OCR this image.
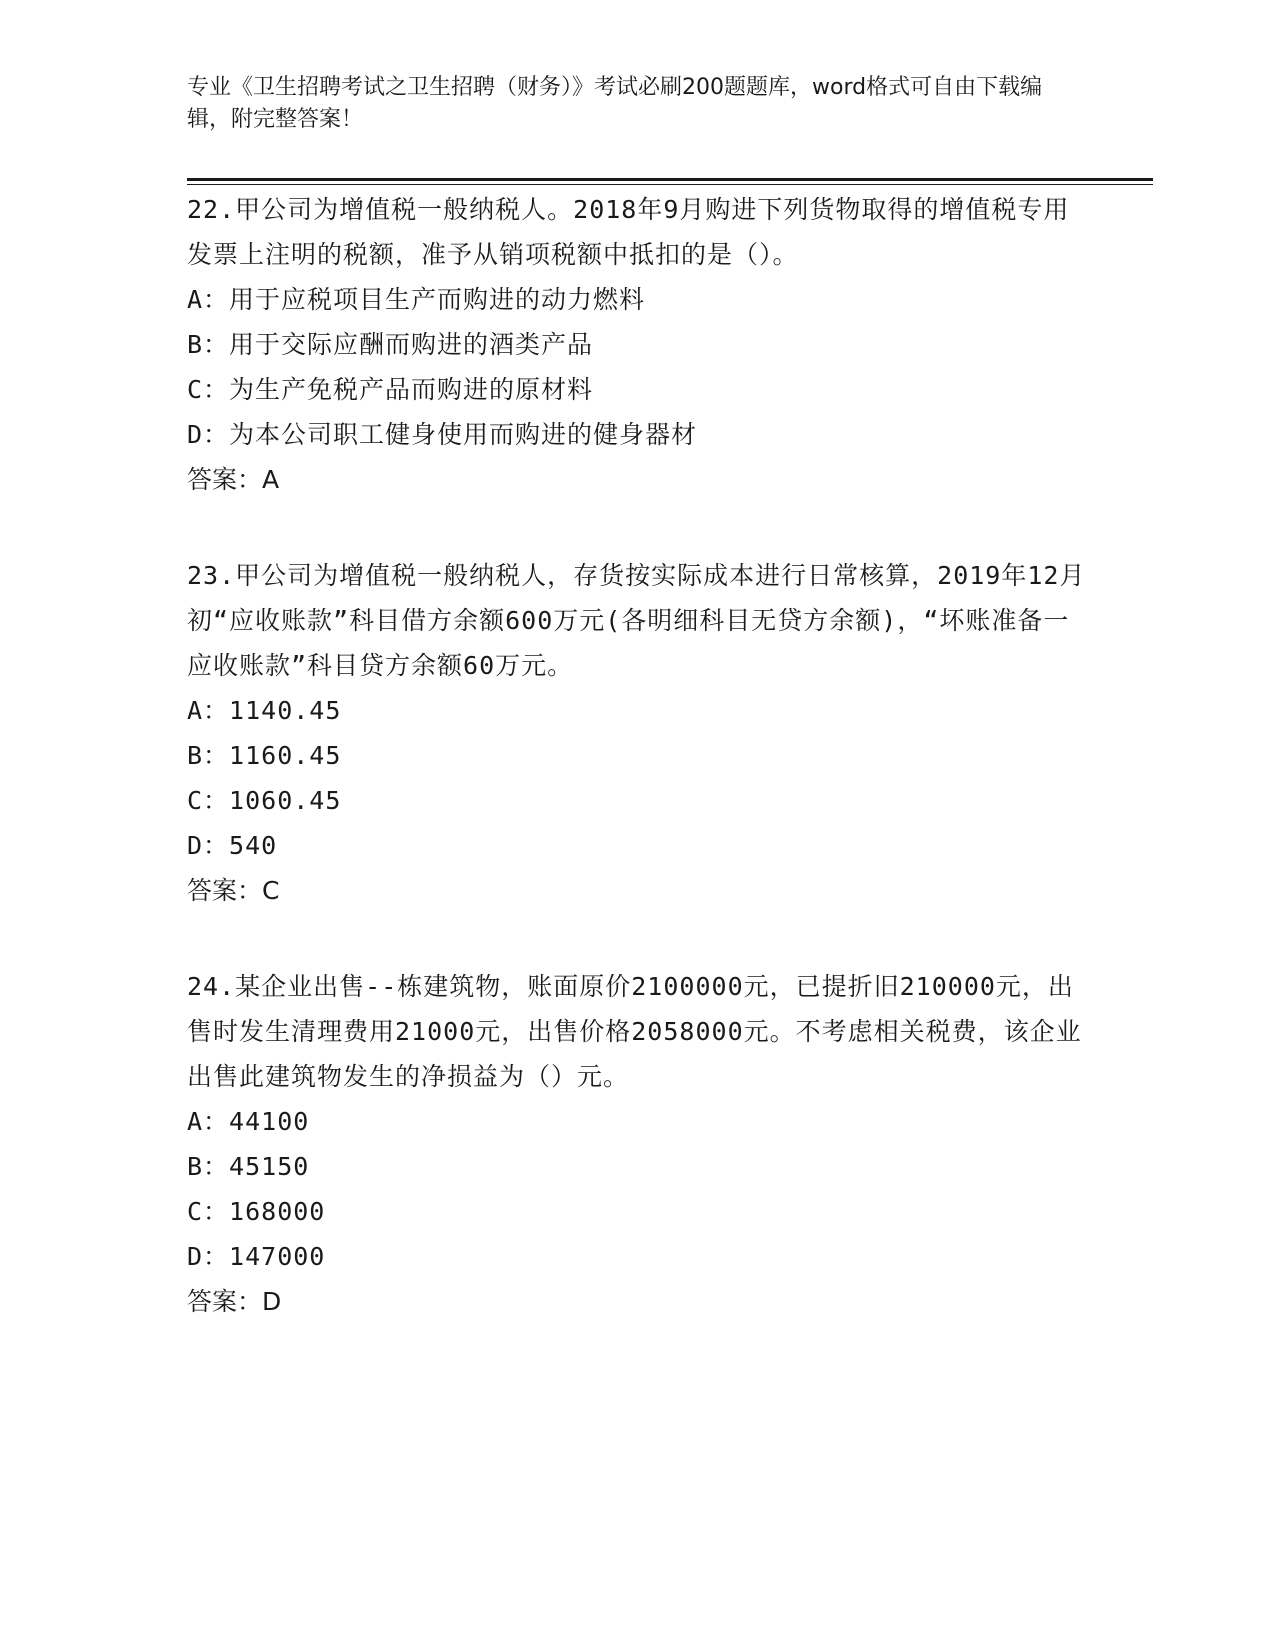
专业《卫生招聘考试之卫生招聘（财务）》考试必刷200题题库，word格式可自由下载编辑，附完整答案！

22.甲公司为增值税一般纳税人。2018年9月购进下列货物取得的增值税专用发票上注明的税额，准予从销项税额中抵扣的是（）。

A：用于应税项目生产而购进的动力燃料

B：用于交际应酬而购进的酒类产品

C：为生产免税产品而购进的原材料

D：为本公司职工健身使用而购进的健身器材

答案：A

23.甲公司为增值税一般纳税人，存货按实际成本进行日常核算，2019年12月初“应收账款”科目借方余额600万元(各明细科目无贷方余额)，“坏账准备一应收账款”科目贷方余额60万元。

A：1140.45

B：1160.45

C：1060.45

D：540

答案：C

24.某企业出售--栋建筑物，账面原价2100000元，已提折旧210000元，出售时发生清理费用21000元，出售价格2058000元。不考虑相关税费，该企业出售此建筑物发生的净损益为（）元。

A：44100

B：45150

C：168000

D：147000

答案：D
